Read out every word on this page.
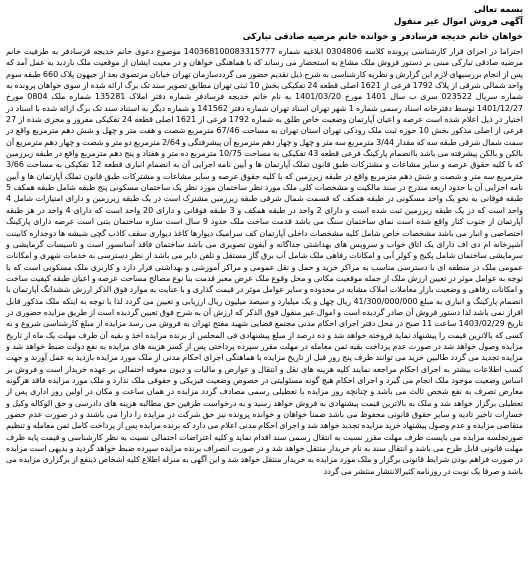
بسمه تعالی
آگهی فروش اموال غیر منقول
خواهان خانم خدیجه فرسادفر و خوانده خانم مرضیه صادقی تبارکی

احتراما در اجرای قرار کارشناسی پرونده کلاسه 0304806 ابلاغیه شماره 140368100083315777 موضوع دعوی خانم خدیجه فرسادفر به طرفیت خانم مرضیه صادقی تبارکی مبنی بر دستور فروش ملک مشاع به استحضار می رساند که با هماهنگی خواهان و در معیت ایشان از موقعیت ملک بازدید به عمل آمد که پس از انجام بررسیهای لازم این گزارش و نظریه کارشناسی به شرح ذیل تقدیم حضور می گرددسازمان تهران خیابان مرتضوی بعد از جیهون پلاک 660 طبقه سوم واحد شمالی شرقی از پلاک 1792 فرعی از 1621 اصلی قطعه 24 تفکیکی بخش 10 ثبتی تهران مطابق تصویر سند تک برگ ارائه شده از سوی خواهان پرونده به شماره سریال 023522 سری ب سال 1401 مورخ 1401/03/20 به نام خانم خدیجه فرسادفر شماره دفتر املاک 135281 شماره ملک 0804 مورخ 1401/12/27 توسط دفترخانه اسناد رسمی شماره 1 شهر تهران اسناد تهران شماره دفتر 141562 و شماره دیگر به استناد سند تک برگ ارائه شده با اسناد در اختیار در ذیل اعلام شده است عرصه و اعیان آپارتمان وضعیت خاص طلق به شماره 1792 فرعی از 1621 اصلی قطعه 24 تفکیکی مفروز و مجزی شده از 27 فرعی از اصلی مذکور بخش 10 حوزه ثبت ملک رودکی تهران استان تهران به مساحت 67/46 مترمربع شصت و هفت متر و چهل و شش دهم مترمربع واقع در سمت شمال شرقی طبقه سه که مقدار 3/44 مترمربع سه متر و چهل و چهار دهم مترمربع آن پیشرفتگی و 2/64 مترمربع دو متر و شصت و چهار دهم مترمربع آن بالکن و بالکن پیشرفته می باشد باانضمام پارکینگ فرعی قطعه 43 تفکیکی به مساحت 10/75 مترمربع ده متر و هفتاد و پنج دهم مترمربع واقع در طبقه زیرزمین که با کلیه حقوق عرصه و سایر مشاعات و مشترکات طبق قانون تملک آپارتمان ها و آیین نامه اجرایی آن به انضمام انباری قطعه 12 تفکیکی به مساحت 3/66 مترمربع سه متر و شصت و شش دهم مترمربع واقع در طبقه زیرزمین که با کلیه حقوق عرصه و سایر مشاعات و مشترکات طبق قانون تملک آپارتمان ها و آیین نامه اجرایی آن با حدود اربعه مندرج در سند مالکیت و مشخصات کلی ملک مورد نظر ساختمان مورد نظر یک ساختمان مسکونی پنج طبقه شامل طبقه همکف 5 طبقه فوقانی به نحو یک واحد مسکونی در طبقه همکف که قسمت شمال شرقی طبقه زیرزمین مشترک است در یک طبقه زیرزمین و دارای امتیازات شامل 4 واحد است که در یک طبقه زیرزمین ثبت شده است و دارای 2 واحد در طبقه همکف و 3 طبقه فوقانی و دارای 20 واحد است که دارای 4 واحد در هر طبقه آپارتمان از جنوب کنار واقع شده است نمای ساختمان سنگ می باشد قدمت ساخت ملک حدود 9 سال است سازه ساختمان بتنی است عرصه دارای پارکینگ اختصاصی و انبار می باشد مشخصات خاص شامل کلیه مشخصات داخلی آپارتمان کف سرامیک دیوارها کاغذ دیواری سقف کاذب گچی شیشه ها دوجداره کابینت آشپزخانه ام دی اف دارای یک اتاق خواب و سرویس های بهداشتی جداگانه و آیفون تصویری می باشد ساختمان فاقد آسانسور است و تاسیسات گرمایشی و سرمایشی ساختمان شامل پکیج و کولر آبی و امکانات رفاهی ملک شامل آب برق گاز مستقل و تلفن دایر می باشد از نظر دسترسی به خدمات شهری و امکانات عمومی ملک در منطقه ای با دسترسی مناسب به مراکز خرید و حمل و نقل عمومی و مراکز آموزشی و بهداشتی قرار دارد و کاربری ملک مسکونی است که با توجه به عوامل موثر در تعیین ارزش ملک از جمله موقعیت مکانی و محل وقوع ملک عرض معبر قدمت بنا نوع مصالح مساحت عرصه و اعیان طبقه کیفیت ساخت و امکانات رفاهی و وضعیت بازار معاملات املاک مشابه در محدوده و سایر عوامل موثر در قیمت گذاری و با عنایت به موارد فوق الذکر ارزش ششدانگ آپارتمان با انضمام پارکینگ و انباری به مبلغ 41/300/000/000 ریال چهل و یک میلیارد و سیصد میلیون ریال ارزیابی و تعیین می گردد لذا با توجه به اینکه ملک مذکور قابل افراز نمی باشد لذا دستور فروش آن صادر گردیده است و اموال غیر منقول فوق الذکر که ارزش آن به شرح فوق تعیین گردیده است از طریق مزایده حضوری در تاریخ 1403/02/29 ساعت 11 صبح در محل دفتر اجرای احکام مدنی مجتمع قضایی شهید مفتح تهران به فروش می رسد مزایده از مبلغ کارشناسی شروع و به کسی که بالاترین قیمت را پیشنهاد نماید فروخته خواهد شد و ده درصد از مبلغ پیشنهادی فی المجلس از برنده مزایده اخذ و بقیه آن ظرف مهلت یک ماه از تاریخ مزایده وصول خواهد شد در صورت عدم پرداخت بقیه ثمن معامله در مهلت مقرر سپرده پرداختی پس از کسر هزینه های مزایده به نفع دولت ضبط خواهد شد و مزایده تجدید می گردد طالبین خرید می توانند ظرف پنج روز قبل از تاریخ مزایده با هماهنگی اجرای احکام مدنی از ملک مورد مزایده بازدید به عمل آورند و جهت کسب اطلاعات بیشتر به اجرای احکام مراجعه نمایند کلیه هزینه های نقل و انتقال و عوارض و مالیات و دیون معوقه احتمالی بر عهده خریدار است و فروش بر اساس وضعیت موجود ملک انجام می گیرد و اجرای احکام هیچ گونه مسئولیتی در خصوص وضعیت فیزیکی و حقوقی ملک ندارد و ملک مورد مزایده فاقد هرگونه معارض تصرف به نفع شخص ثالث می باشد و چنانچه روز مزایده با تعطیلی رسمی مصادف گردد مزایده در همان ساعت و مکان در اولین روز اداری پس از تعطیلی برگزار خواهد شد و ملک به بالاترین قیمت پیشنهادی به فروش خواهد رسید و به درخواست طرفین حق مطالبه هزینه های دادرسی و حق الوکاله وکیل و خسارات تاخیر تادیه و سایر حقوق قانونی محفوظ می باشد ضمنا خواهان و خوانده پرونده نیز حق شرکت در مزایده را دارا می باشند و در صورت عدم حضور متقاضی مزایده و عدم وصول پیشنهاد خرید مزایده تجدید خواهد شد و اجرای احکام مدنی اعلام می دارد که برنده مزایده پس از پرداخت کامل ثمن معامله و تنظیم صورتجلسه مزایده می بایست ظرف مهلت مقرر نسبت به انتقال رسمی سند اقدام نماید و کلیه اعتراضات احتمالی نسبت به نظر کارشناسی و قیمت پایه ظرف مهلت قانونی قابل طرح می باشد و انتقال سند به نام خریدار منتقل خواهد شد و در صورت انصراف برنده مزایده سپرده ضبط خواهد گردید و بدیهی است مزایده در صورت فراهم بودن شرایط قانونی برگزار و ملک مورد مزایده به خریدار منتقل خواهد شد و این آگهی به منزله اطلاع کلیه اشخاص ذینفع از برگزاری مزایده می باشد و صرفا یک نوبت در روزنامه کثیرالانتشار منتشر می گردد
